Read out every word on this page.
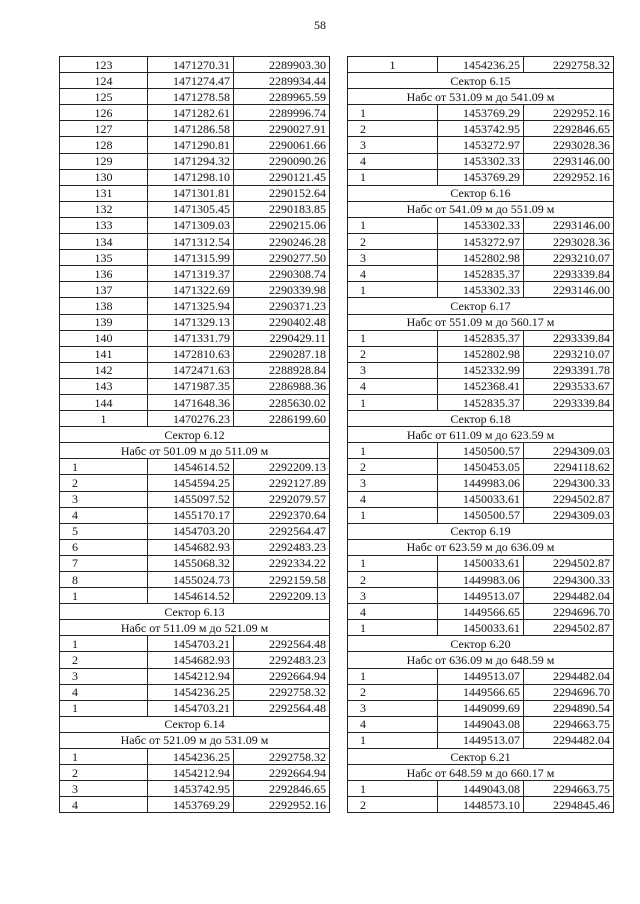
58
123	1471270.31	2289903.30
124	1471274.47	2289934.44
125	1471278.58	2289965.59
126	1471282.61	2289996.74
127	1471286.58	2290027.91
128	1471290.81	2290061.66
129	1471294.32	2290090.26
130	1471298.10	2290121.45
131	1471301.81	2290152.64
132	1471305.45	2290183.85
133	1471309.03	2290215.06
134	1471312.54	2290246.28
135	1471315.99	2290277.50
136	1471319.37	2290308.74
137	1471322.69	2290339.98
138	1471325.94	2290371.23
139	1471329.13	2290402.48
140	1471331.79	2290429.11
141	1472810.63	2290287.18
142	1472471.63	2288928.84
143	1471987.35	2286988.36
144	1471648.36	2285630.02
1	1470276.23	2286199.60
Сектор 6.12		
Набс от 501.09 м до 511.09 м		
1	1454614.52	2292209.13
2	1454594.25	2292127.89
3	1455097.52	2292079.57
4	1455170.17	2292370.64
5	1454703.20	2292564.47
6	1454682.93	2292483.23
7	1455068.32	2292334.22
8	1455024.73	2292159.58
1	1454614.52	2292209.13
Сектор 6.13		
Набс от 511.09 м до 521.09 м		
1	1454703.21	2292564.48
2	1454682.93	2292483.23
3	1454212.94	2292664.94
4	1454236.25	2292758.32
1	1454703.21	2292564.48
Сектор 6.14		
Набс от 521.09 м до 531.09 м		
1	1454236.25	2292758.32
2	1454212.94	2292664.94
3	1453742.95	2292846.65
4	1453769.29	2292952.16
1	1454236.25	2292758.32
Сектор 6.15		
Набс от 531.09 м до 541.09 м		
1	1453769.29	2292952.16
2	1453742.95	2292846.65
3	1453272.97	2293028.36
4	1453302.33	2293146.00
1	1453769.29	2292952.16
Сектор 6.16		
Набс от 541.09 м до 551.09 м		
1	1453302.33	2293146.00
2	1453272.97	2293028.36
3	1452802.98	2293210.07
4	1452835.37	2293339.84
1	1453302.33	2293146.00
Сектор 6.17		
Набс от 551.09 м до 560.17 м		
1	1452835.37	2293339.84
2	1452802.98	2293210.07
3	1452332.99	2293391.78
4	1452368.41	2293533.67
1	1452835.37	2293339.84
Сектор 6.18		
Набс от 611.09 м до 623.59 м		
1	1450500.57	2294309.03
2	1450453.05	2294118.62
3	1449983.06	2294300.33
4	1450033.61	2294502.87
1	1450500.57	2294309.03
Сектор 6.19		
Набс от 623.59 м до 636.09 м		
1	1450033.61	2294502.87
2	1449983.06	2294300.33
3	1449513.07	2294482.04
4	1449566.65	2294696.70
1	1450033.61	2294502.87
Сектор 6.20		
Набс от 636.09 м до 648.59 м		
1	1449513.07	2294482.04
2	1449566.65	2294696.70
3	1449099.69	2294890.54
4	1449043.08	2294663.75
1	1449513.07	2294482.04
Сектор 6.21		
Набс от 648.59 м до 660.17 м		
1	1449043.08	2294663.75
2	1448573.10	2294845.46
